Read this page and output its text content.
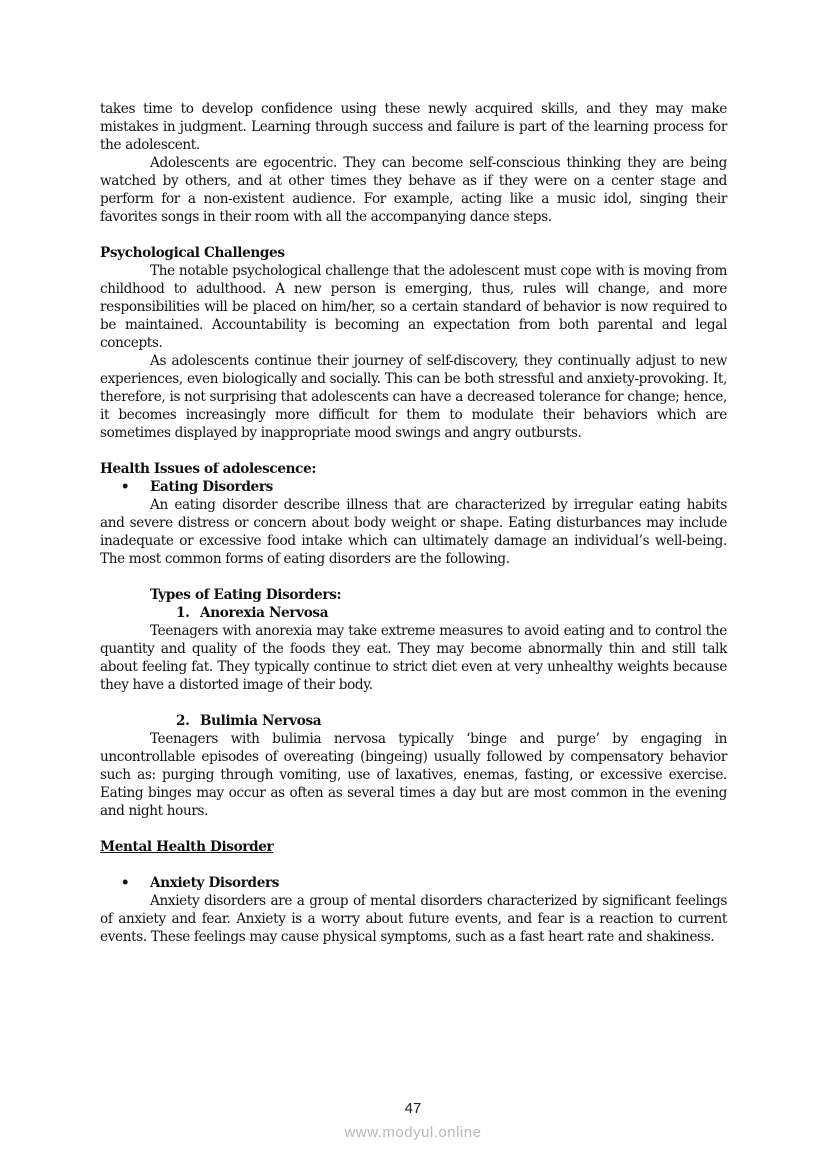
takes time to develop confidence using these newly acquired skills, and they may make mistakes in judgment. Learning through success and failure is part of the learning process for the adolescent.

Adolescents are egocentric. They can become self-conscious thinking they are being watched by others, and at other times they behave as if they were on a center stage and perform for a non-existent audience. For example, acting like a music idol, singing their favorites songs in their room with all the accompanying dance steps.

Psychological Challenges

The notable psychological challenge that the adolescent must cope with is moving from childhood to adulthood. A new person is emerging, thus, rules will change, and more responsibilities will be placed on him/her, so a certain standard of behavior is now required to be maintained. Accountability is becoming an expectation from both parental and legal concepts.

As adolescents continue their journey of self-discovery, they continually adjust to new experiences, even biologically and socially. This can be both stressful and anxiety-provoking. It, therefore, is not surprising that adolescents can have a decreased tolerance for change; hence, it becomes increasingly more difficult for them to modulate their behaviors which are sometimes displayed by inappropriate mood swings and angry outbursts.

Health Issues of adolescence:
•	Eating Disorders

An eating disorder describe illness that are characterized by irregular eating habits and severe distress or concern about body weight or shape. Eating disturbances may include inadequate or excessive food intake which can ultimately damage an individual’s well-being. The most common forms of eating disorders are the following.

Types of Eating Disorders:
1. Anorexia Nervosa

Teenagers with anorexia may take extreme measures to avoid eating and to control the quantity and quality of the foods they eat. They may become abnormally thin and still talk about feeling fat. They typically continue to strict diet even at very unhealthy weights because they have a distorted image of their body.

2. Bulimia Nervosa

Teenagers with bulimia nervosa typically ‘binge and purge’ by engaging in uncontrollable episodes of overeating (bingeing) usually followed by compensatory behavior such as: purging through vomiting, use of laxatives, enemas, fasting, or excessive exercise. Eating binges may occur as often as several times a day but are most common in the evening and night hours.

Mental Health Disorder
•	Anxiety Disorders

Anxiety disorders are a group of mental disorders characterized by significant feelings of anxiety and fear. Anxiety is a worry about future events, and fear is a reaction to current events. These feelings may cause physical symptoms, such as a fast heart rate and shakiness.

47
www.modyul.online
